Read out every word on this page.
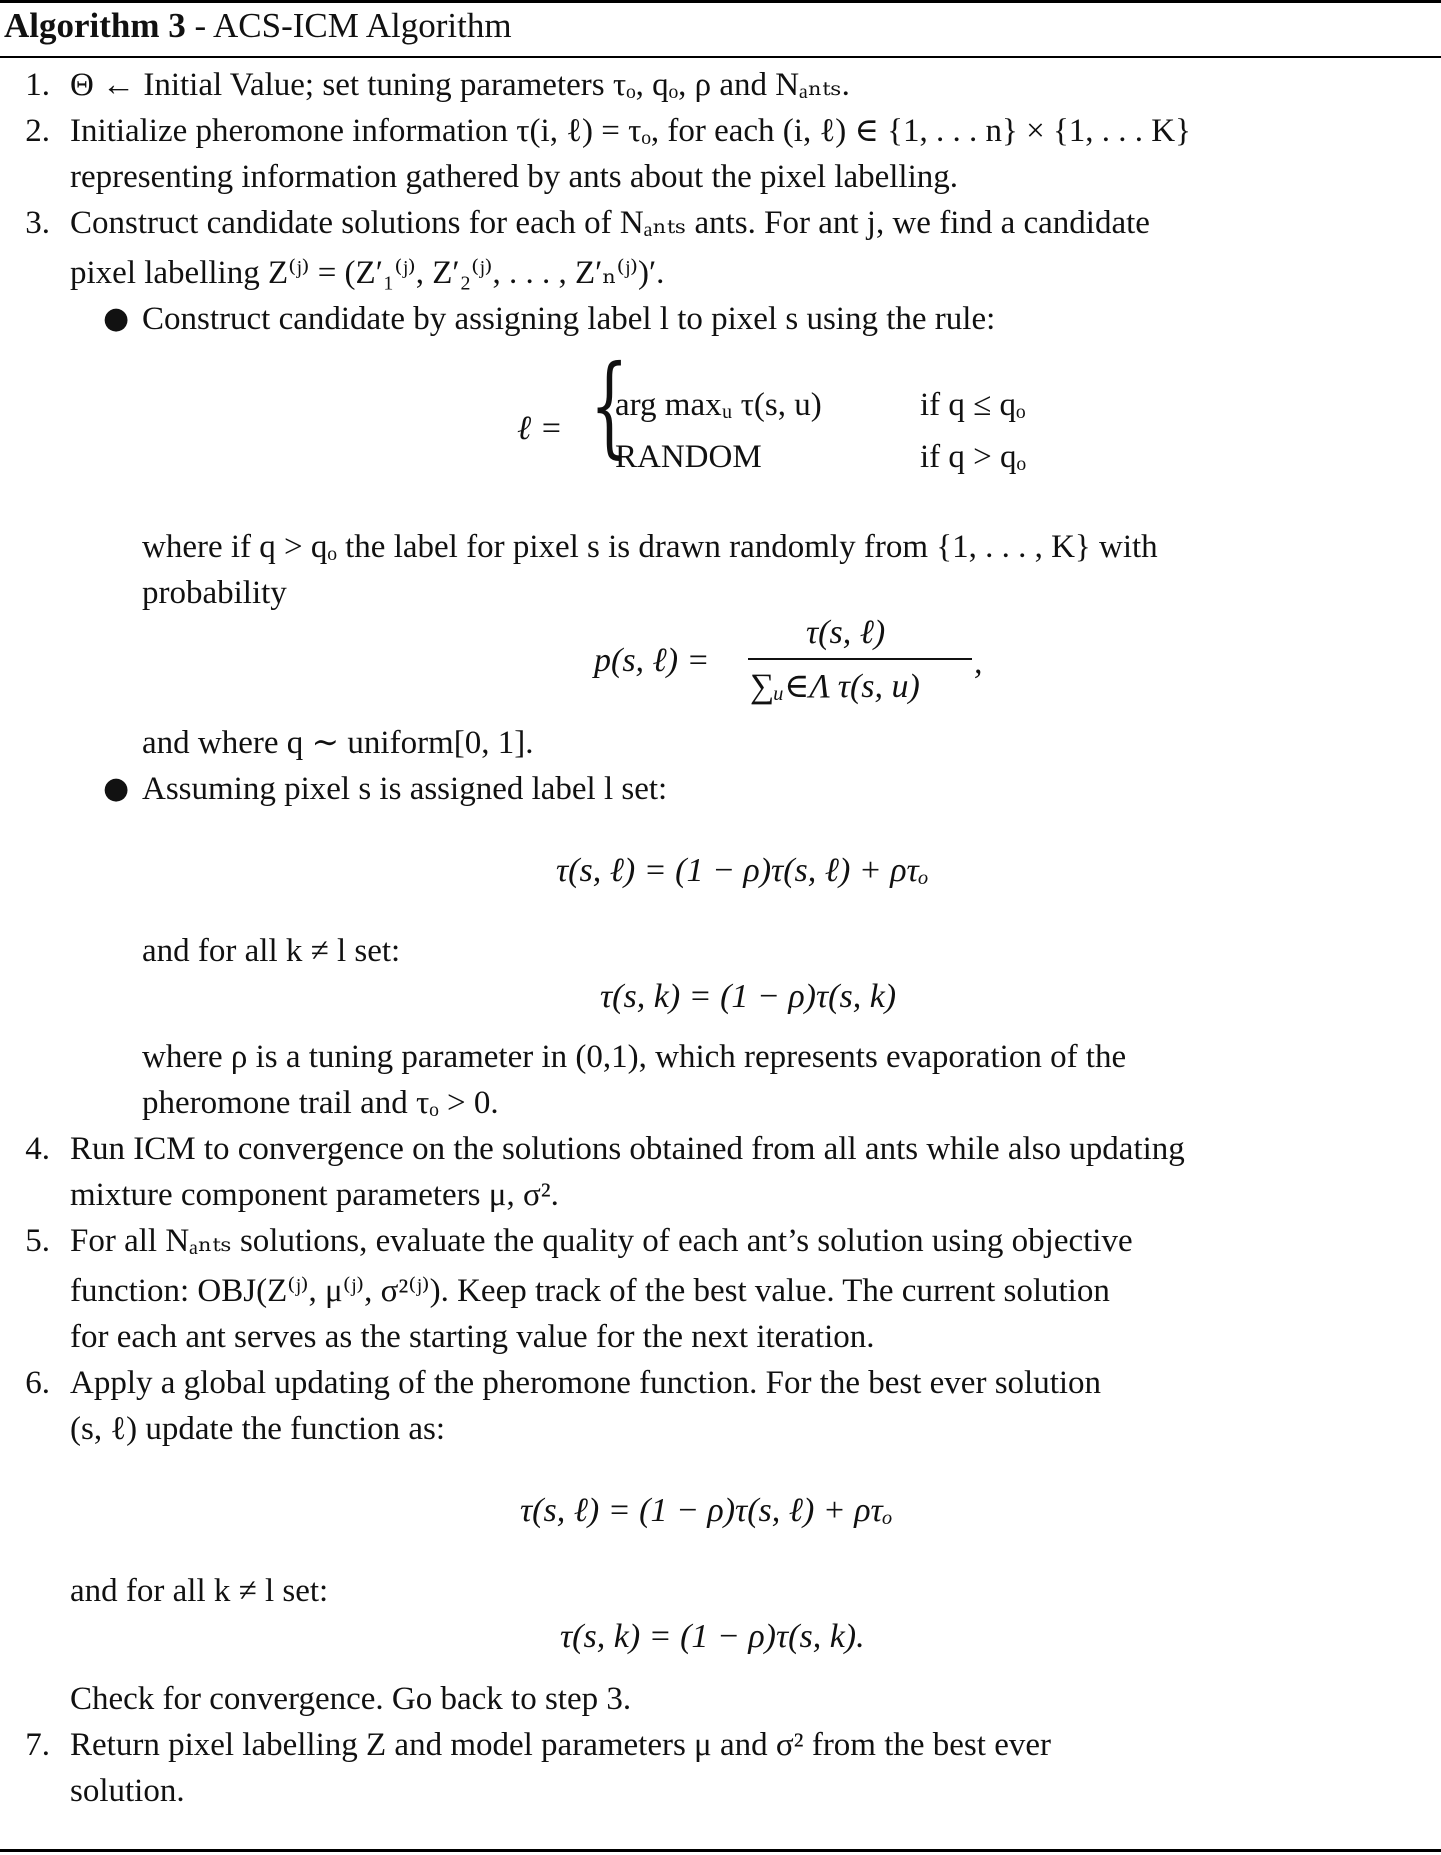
Algorithm 3 - ACS-ICM Algorithm
1. Θ ← Initial Value; set tuning parameters τₒ, qₒ, ρ and Nₐₙₜₛ.
2. Initialize pheromone information τ(i, ℓ) = τₒ, for each (i, ℓ) ∈ {1, . . . n} × {1, . . . K}
representing information gathered by ants about the pixel labelling.
3. Construct candidate solutions for each of Nₐₙₜₛ ants. For ant j, we find a candidate
pixel labelling Z⁽ʲ⁾ = (Z′₁⁽ʲ⁾, Z′₂⁽ʲ⁾, . . . , Z′ₙ⁽ʲ⁾)′.
● Construct candidate by assigning label l to pixel s using the rule:
ℓ = {
arg maxᵤ τ(s, u)	if q ≤ qₒ
RANDOM	if q > qₒ
where if q > qₒ the label for pixel s is drawn randomly from {1, . . . , K} with
probability
p(s, ℓ) =
τ(s, ℓ)
∑ᵤ∈Λ τ(s, u)
,
and where q ∼ uniform[0, 1].
● Assuming pixel s is assigned label l set:
τ(s, ℓ) = (1 − ρ)τ(s, ℓ) + ρτₒ
and for all k ≠ l set:
τ(s, k) = (1 − ρ)τ(s, k)
where ρ is a tuning parameter in (0,1), which represents evaporation of the
pheromone trail and τₒ > 0.
4. Run ICM to convergence on the solutions obtained from all ants while also updating
mixture component parameters μ, σ².
5. For all Nₐₙₜₛ solutions, evaluate the quality of each ant’s solution using objective
function: OBJ(Z⁽ʲ⁾, μ⁽ʲ⁾, σ²⁽ʲ⁾). Keep track of the best value. The current solution
for each ant serves as the starting value for the next iteration.
6. Apply a global updating of the pheromone function. For the best ever solution
(s, ℓ) update the function as:
τ(s, ℓ) = (1 − ρ)τ(s, ℓ) + ρτₒ
and for all k ≠ l set:
τ(s, k) = (1 − ρ)τ(s, k).
Check for convergence. Go back to step 3.
7. Return pixel labelling Z and model parameters μ and σ² from the best ever
solution.
